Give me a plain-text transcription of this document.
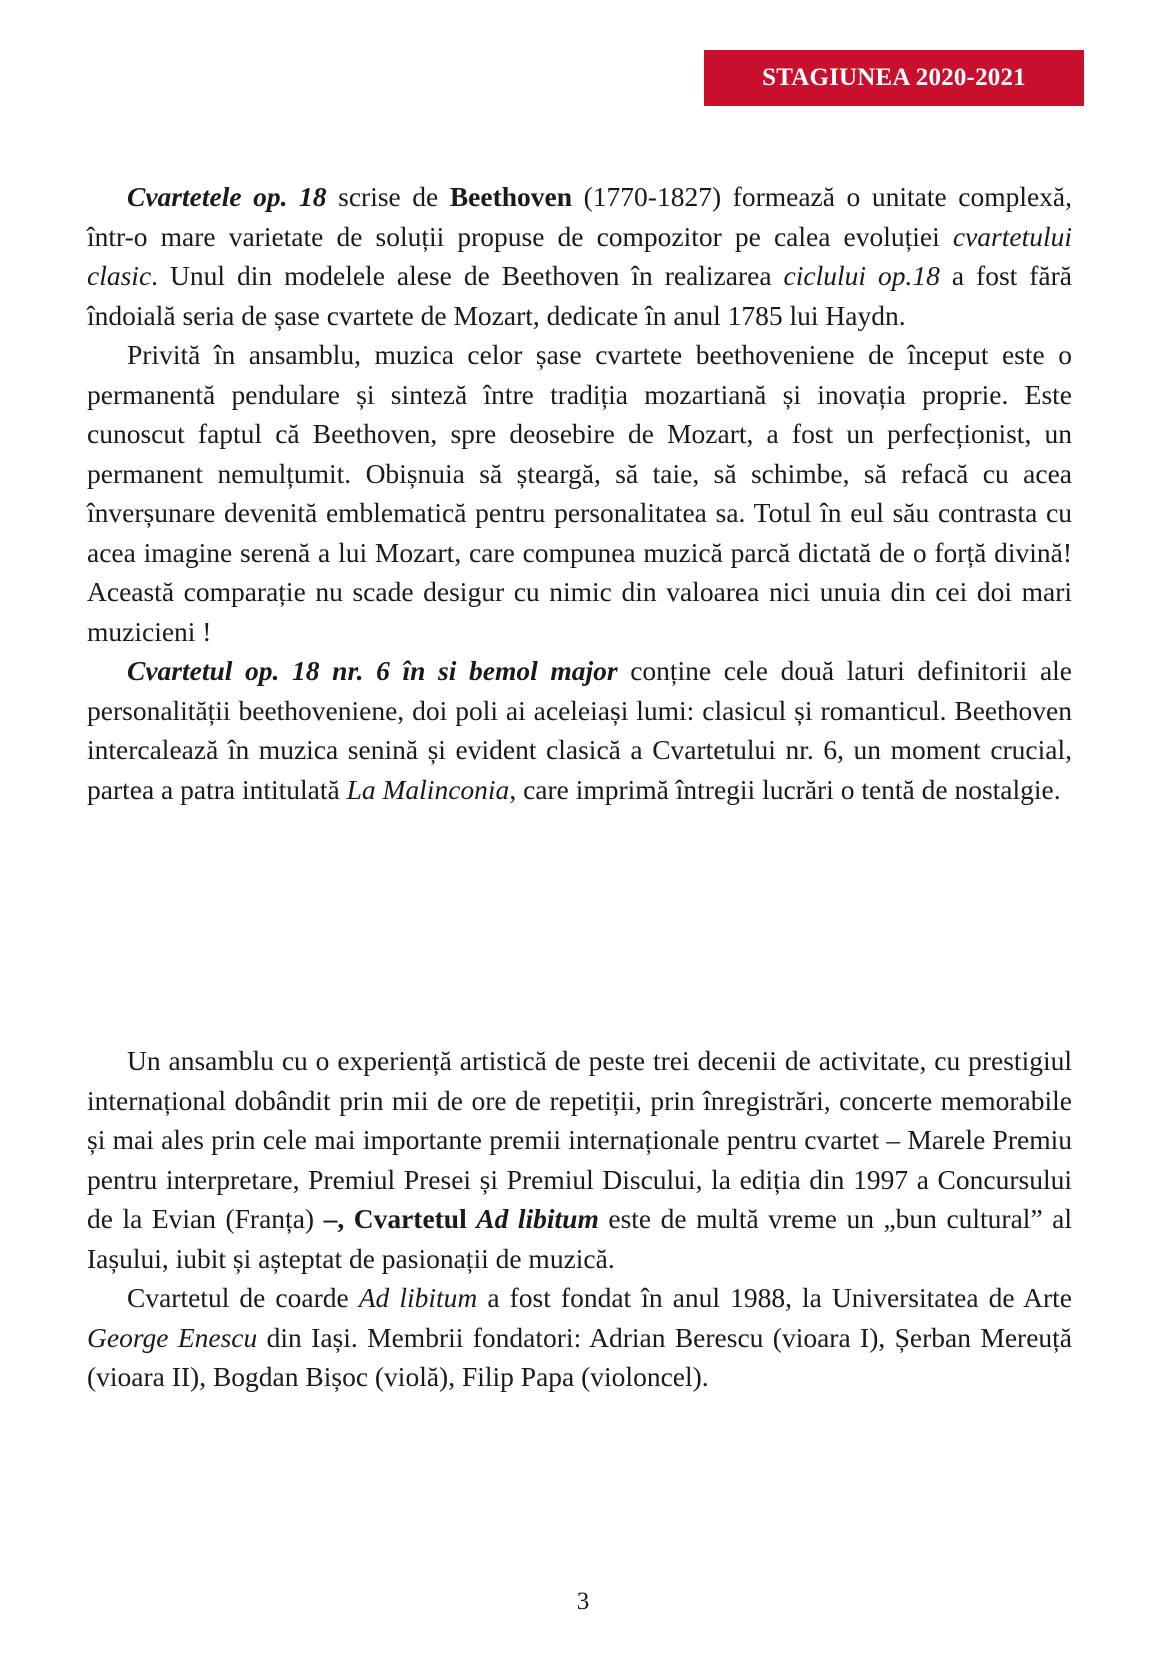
STAGIUNEA 2020-2021

Cvartetele op. 18 scrise de Beethoven (1770-1827) formează o unitate complexă, într-o mare varietate de soluții propuse de compozitor pe calea evoluției cvartetului clasic. Unul din modelele alese de Beethoven în realizarea ciclului op.18 a fost fără îndoială seria de șase cvartete de Mozart, dedicate în anul 1785 lui Haydn.

Privită în ansamblu, muzica celor șase cvartete beethoveniene de început este o permanentă pendulare și sinteză între tradiția mozartiană și inovația proprie. Este cunoscut faptul că Beethoven, spre deosebire de Mozart, a fost un perfecționist, un permanent nemulțumit. Obișnuia să șteargă, să taie, să schimbe, să refacă cu acea înverșunare devenită emblematică pentru personalitatea sa. Totul în eul său contrasta cu acea imagine serenă a lui Mozart, care compunea muzică parcă dictată de o forță divină! Această comparație nu scade desigur cu nimic din valoarea nici unuia din cei doi mari muzicieni !

Cvartetul op. 18 nr. 6 în si bemol major conține cele două laturi definitorii ale personalității beethoveniene, doi poli ai aceleiași lumi: clasicul și romanticul. Beethoven intercalează în muzica senină și evident clasică a Cvartetului nr. 6, un moment crucial, partea a patra intitulată La Malinconia, care imprimă întregii lucrări o tentă de nostalgie.

Un ansamblu cu o experiență artistică de peste trei decenii de activitate, cu prestigiul internațional dobândit prin mii de ore de repetiții, prin înregistrări, concerte memorabile și mai ales prin cele mai importante premii internaționale pentru cvartet – Marele Premiu pentru interpretare, Premiul Presei și Premiul Discului, la ediția din 1997 a Concursului de la Evian (Franța) –, Cvartetul Ad libitum este de multă vreme un „bun cultural” al Iașului, iubit și așteptat de pasionații de muzică.

Cvartetul de coarde Ad libitum a fost fondat în anul 1988, la Universitatea de Arte George Enescu din Iași. Membrii fondatori: Adrian Berescu (vioara I), Șerban Mereuță (vioara II), Bogdan Bișoc (violă), Filip Papa (violoncel).

3
